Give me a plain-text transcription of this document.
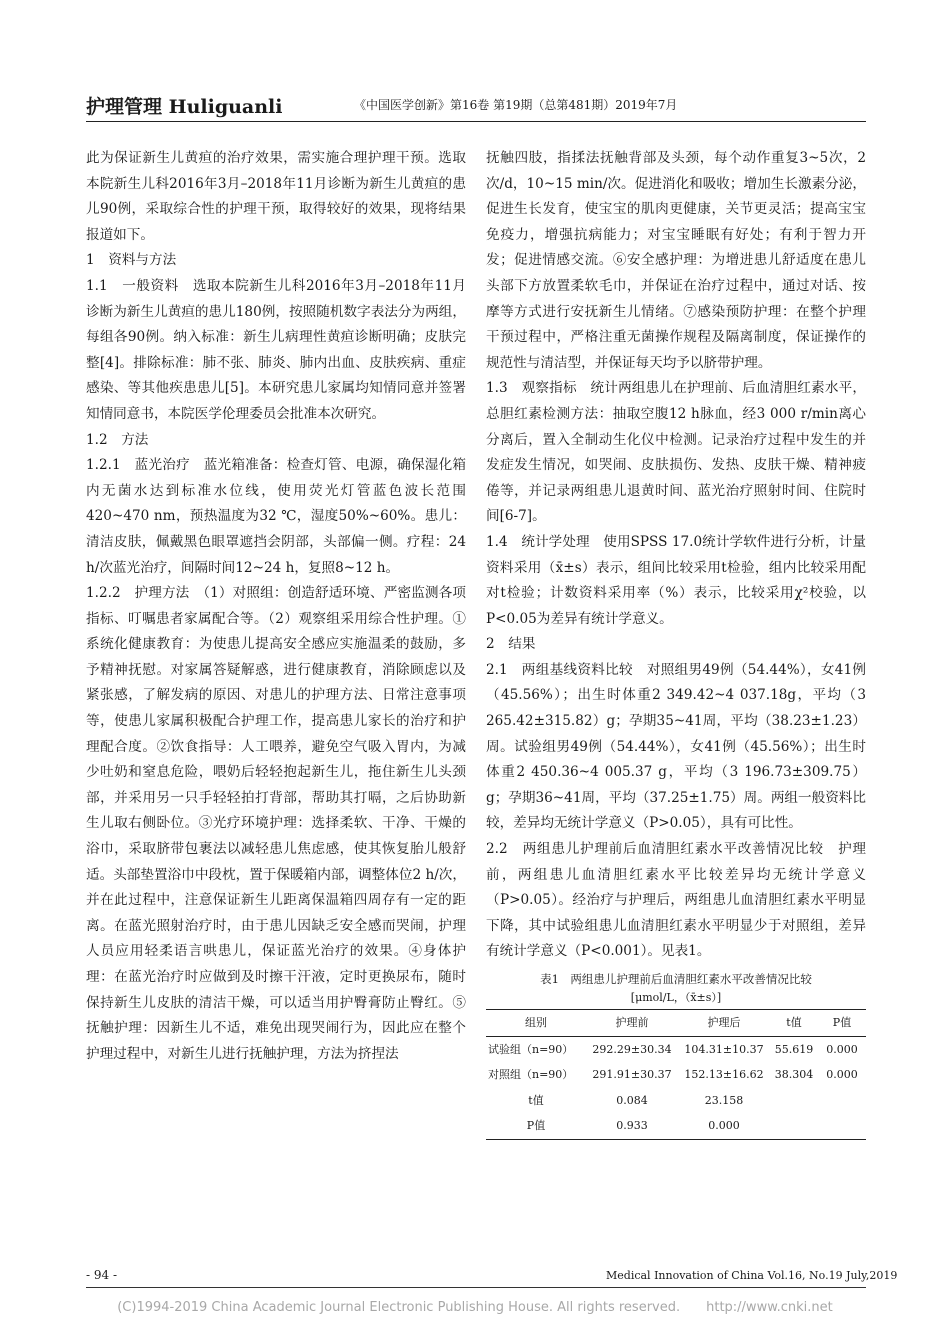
护理管理 Huliguanli	《中国医学创新》第16卷 第19期（总第481期）2019年7月

此为保证新生儿黄疸的治疗效果，需实施合理护理干预。选取本院新生儿科2016年3月–2018年11月诊断为新生儿黄疸的患儿90例，采取综合性的护理干预，取得较好的效果，现将结果报道如下。

1　资料与方法

1.1　一般资料　选取本院新生儿科2016年3月–2018年11月诊断为新生儿黄疸的患儿180例，按照随机数字表法分为两组，每组各90例。纳入标准：新生儿病理性黄疸诊断明确；皮肤完整[4]。排除标准：肺不张、肺炎、肺内出血、皮肤疾病、重症感染、等其他疾患患儿[5]。本研究患儿家属均知情同意并签署知情同意书，本院医学伦理委员会批准本次研究。

1.2　方法

1.2.1　蓝光治疗　蓝光箱准备：检查灯管、电源，确保湿化箱内无菌水达到标准水位线，使用荧光灯管蓝色波长范围420~470 nm，预热温度为32 ℃，湿度50%~60%。患儿：清洁皮肤，佩戴黑色眼罩遮挡会阴部，头部偏一侧。疗程：24 h/次蓝光治疗，间隔时间12~24 h，复照8~12 h。

1.2.2　护理方法　（1）对照组：创造舒适环境、严密监测各项指标、叮嘱患者家属配合等。（2）观察组采用综合性护理。①系统化健康教育：为使患儿提高安全感应实施温柔的鼓励，多予精神抚慰。对家属答疑解惑，进行健康教育，消除顾虑以及紧张感，了解发病的原因、对患儿的护理方法、日常注意事项等，使患儿家属积极配合护理工作，提高患儿家长的治疗和护理配合度。②饮食指导：人工喂养，避免空气吸入胃内，为减少吐奶和窒息危险，喂奶后轻轻抱起新生儿，拖住新生儿头颈部，并采用另一只手轻轻拍打背部，帮助其打嗝，之后协助新生儿取右侧卧位。③光疗环境护理：选择柔软、干净、干燥的浴巾，采取脐带包裹法以减轻患儿焦虑感，使其恢复胎儿般舒适。头部垫置浴巾中段枕，置于保暖箱内部，调整体位2 h/次，并在此过程中，注意保证新生儿距离保温箱四周存有一定的距离。在蓝光照射治疗时，由于患儿因缺乏安全感而哭闹，护理人员应用轻柔语言哄患儿，保证蓝光治疗的效果。④身体护理：在蓝光治疗时应做到及时擦干汗液，定时更换尿布，随时保持新生儿皮肤的清洁干燥，可以适当用护臀膏防止臀红。⑤抚触护理：因新生儿不适，难免出现哭闹行为，因此应在整个护理过程中，对新生儿进行抚触护理，方法为挤捏法

抚触四肢，指揉法抚触背部及头颈，每个动作重复3~5次，2次/d，10~15 min/次。促进消化和吸收；增加生长激素分泌，促进生长发育，使宝宝的肌肉更健康，关节更灵活；提高宝宝免疫力，增强抗病能力；对宝宝睡眠有好处；有利于智力开发；促进情感交流。⑥安全感护理：为增进患儿舒适度在患儿头部下方放置柔软毛巾，并保证在治疗过程中，通过对话、按摩等方式进行安抚新生儿情绪。⑦感染预防护理：在整个护理干预过程中，严格注重无菌操作规程及隔离制度，保证操作的规范性与清洁型，并保证每天均予以脐带护理。

1.3　观察指标　统计两组患儿在护理前、后血清胆红素水平，总胆红素检测方法：抽取空腹12 h脉血，经3 000 r/min离心分离后，置入全制动生化仪中检测。记录治疗过程中发生的并发症发生情况，如哭闹、皮肤损伤、发热、皮肤干燥、精神疲倦等，并记录两组患儿退黄时间、蓝光治疗照射时间、住院时间[6-7]。

1.4　统计学处理　使用SPSS 17.0统计学软件进行分析，计量资料采用（x̄±s）表示，组间比较采用t检验，组内比较采用配对t检验；计数资料采用率（%）表示，比较采用χ²校验，以P<0.05为差异有统计学意义。

2　结果

2.1　两组基线资料比较　对照组男49例（54.44%），女41例（45.56%）；出生时体重2 349.42~4 037.18g，平均（3 265.42±315.82）g；孕期35~41周，平均（38.23±1.23）周。试验组男49例（54.44%），女41例（45.56%）；出生时体重2 450.36~4 005.37 g，平均（3 196.73±309.75）g；孕期36~41周，平均（37.25±1.75）周。两组一般资料比较，差异均无统计学意义（P>0.05），具有可比性。

2.2　两组患儿护理前后血清胆红素水平改善情况比较　护理前，两组患儿血清胆红素水平比较差异均无统计学意义（P>0.05）。经治疗与护理后，两组患儿血清胆红素水平明显下降，其中试验组患儿血清胆红素水平明显少于对照组，差异有统计学意义（P<0.001）。见表1。

表1　两组患儿护理前后血清胆红素水平改善情况比较
[μmol/L，（x̄±s）]
组别	护理前	护理后	t值	P值
试验组（n=90）	292.29±30.34	104.31±10.37	55.619	0.000
对照组（n=90）	291.91±30.37	152.13±16.62	38.304	0.000
t值	0.084	23.158		
P值	0.933	0.000		
- 94 -	Medical Innovation of China Vol.16, No.19 July,2019
(C)1994-2019 China Academic Journal Electronic Publishing House. All rights reserved.　　http://www.cnki.net
